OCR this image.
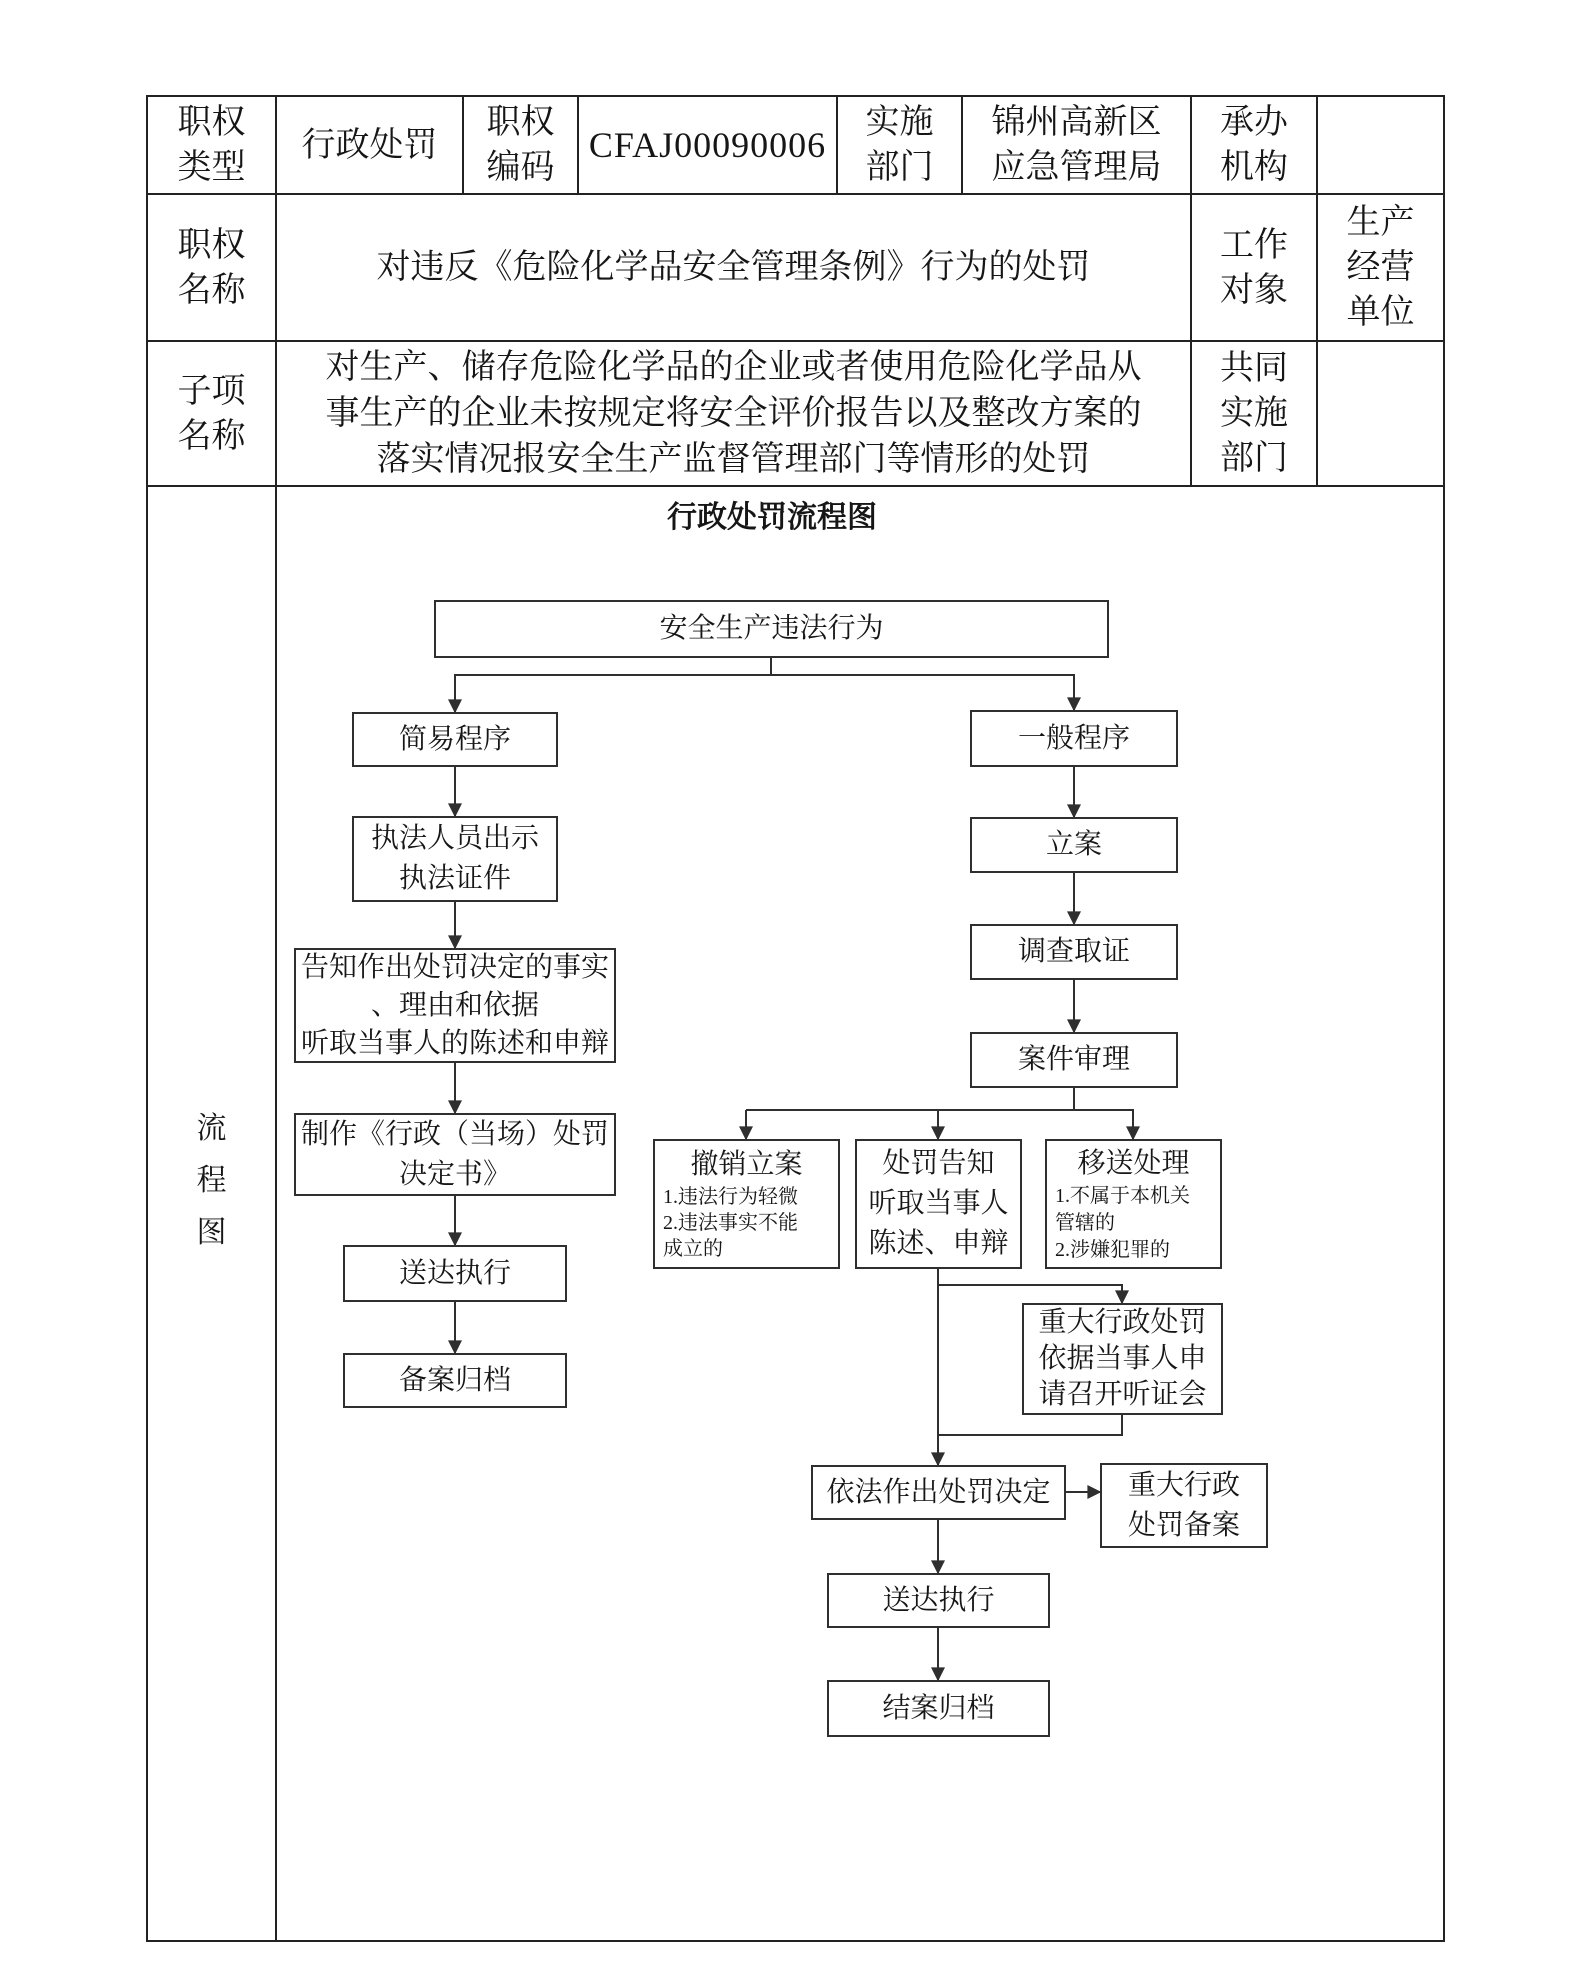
职权类型
行政处罚
职权编码
CFAJ00090006
实施部门
锦州高新区应急管理局
承办机构
职权名称
对违反《危险化学品安全管理条例》行为的处罚
工作对象
生产经营单位
子项名称
对生产、储存危险化学品的企业或者使用危险化学品从事生产的企业未按规定将安全评价报告以及整改方案的落实情况报安全生产监督管理部门等情形的处罚
共同实施部门
流程图
行政处罚流程图
安全生产违法行为
简易程序
执法人员出示
执法证件
告知作出处罚决定的事实
、理由和依据
听取当事人的陈述和申辩
制作《行政（当场）处罚
决定书》
送达执行
备案归档
一般程序
立案
调查取证
案件审理
撤销立案
1.违法行为轻微
2.违法事实不能
成立的
处罚告知
听取当事人
陈述、申辩
移送处理
1.不属于本机关
管辖的
2.涉嫌犯罪的
重大行政处罚
依据当事人申
请召开听证会
依法作出处罚决定	重大行政
处罚备案
送达执行
结案归档
